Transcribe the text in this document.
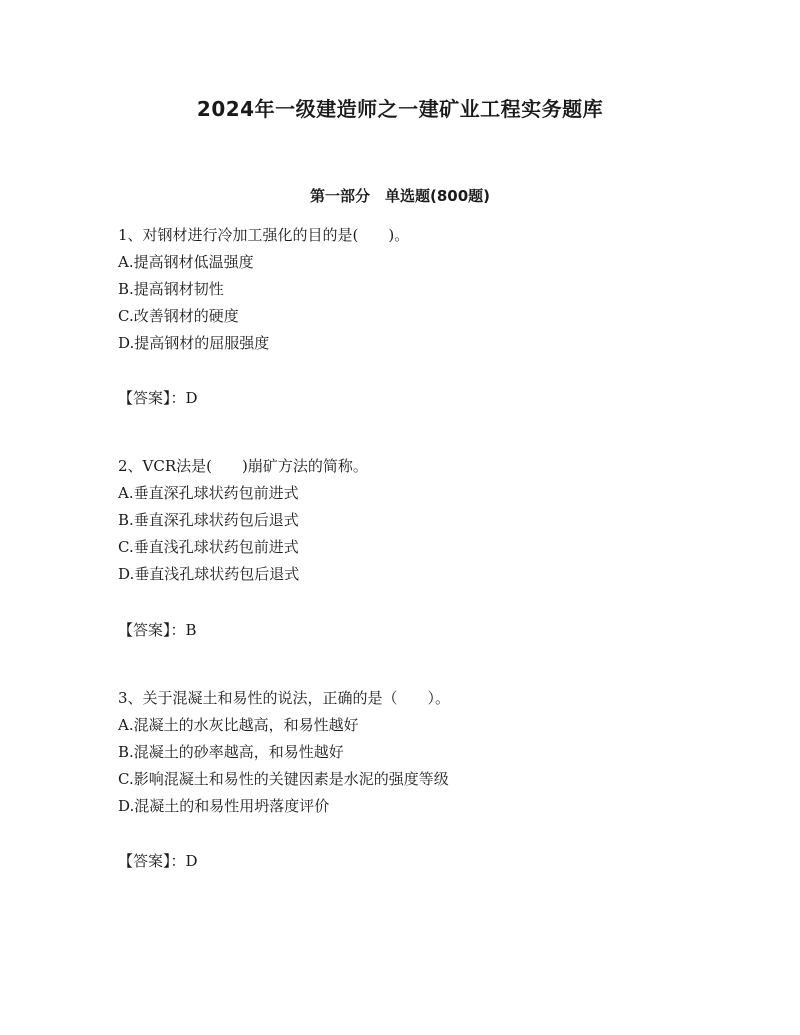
2024年一级建造师之一建矿业工程实务题库
第一部分　单选题(800题)
1、对钢材进行冷加工强化的目的是(　　)。
A.提高钢材低温强度
B.提高钢材韧性
C.改善钢材的硬度
D.提高钢材的屈服强度
【答案】：D
2、VCR法是(　　)崩矿方法的简称。
A.垂直深孔球状药包前进式
B.垂直深孔球状药包后退式
C.垂直浅孔球状药包前进式
D.垂直浅孔球状药包后退式
【答案】：B
3、关于混凝土和易性的说法，正确的是（　　）。
A.混凝土的水灰比越高，和易性越好
B.混凝土的砂率越高，和易性越好
C.影响混凝土和易性的关键因素是水泥的强度等级
D.混凝土的和易性用坍落度评价
【答案】：D
